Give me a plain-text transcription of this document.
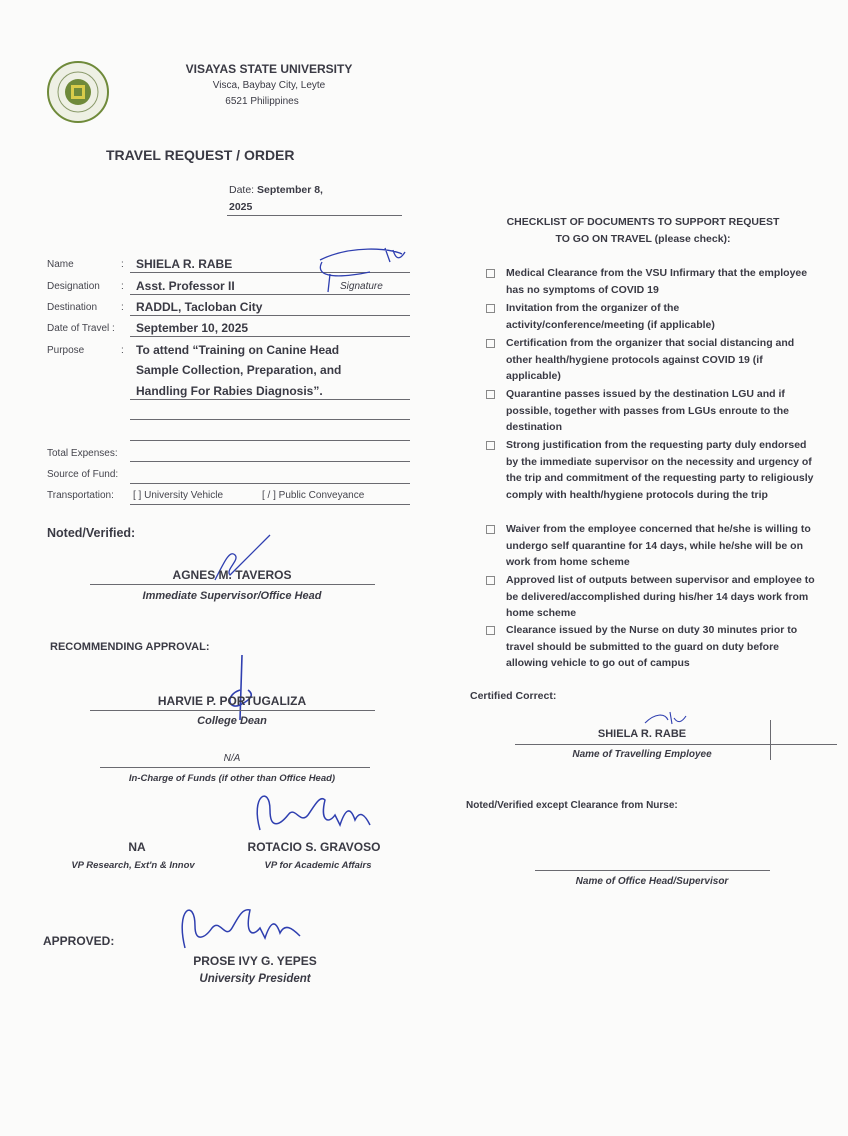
VISAYAS STATE UNIVERSITY
Visca, Baybay City, Leyte
6521 Philippines
TRAVEL REQUEST / ORDER
Date: September 8,
2025
Name	: SHIELA R. RABE
Designation : Asst. Professor II	Signature
Destination : RADDL, Tacloban City
Date of Travel : September 10, 2025
Purpose	: To attend “Training on Canine Head
Sample Collection, Preparation, and
Handling For Rabies Diagnosis”.
Total Expenses:
Source of Fund:
Transportation: [ ] University Vehicle	[ / ] Public Conveyance
Noted/Verified:
AGNES M. TAVEROS
Immediate Supervisor/Office Head
RECOMMENDING APPROVAL:
HARVIE P. PORTUGALIZA
College Dean
N/A
In-Charge of Funds (if other than Office Head)
NA
VP Research, Ext'n & Innov
ROTACIO S. GRAVOSO
VP for Academic Affairs
APPROVED:
PROSE IVY G. YEPES
University President
CHECKLIST OF DOCUMENTS TO SUPPORT REQUEST
TO GO ON TRAVEL (please check):
Medical Clearance from the VSU Infirmary that the employee has no symptoms of COVID 19
Invitation from the organizer of the activity/conference/meeting (if applicable)
Certification from the organizer that social distancing and other health/hygiene protocols against COVID 19 (if applicable)
Quarantine passes issued by the destination LGU and if possible, together with passes from LGUs enroute to the destination
Strong justification from the requesting party duly endorsed by the immediate supervisor on the necessity and urgency of the trip and commitment of the requesting party to religiously comply with health/hygiene protocols during the trip
Waiver from the employee concerned that he/she is willing to undergo self quarantine for 14 days, while he/she will be on work from home scheme
Approved list of outputs between supervisor and employee to be delivered/accomplished during his/her 14 days work from home scheme
Clearance issued by the Nurse on duty 30 minutes prior to travel should be submitted to the guard on duty before allowing vehicle to go out of campus
Certified Correct:
SHIELA R. RABE
Name of Travelling Employee
Noted/Verified except Clearance from Nurse:
Name of Office Head/Supervisor
